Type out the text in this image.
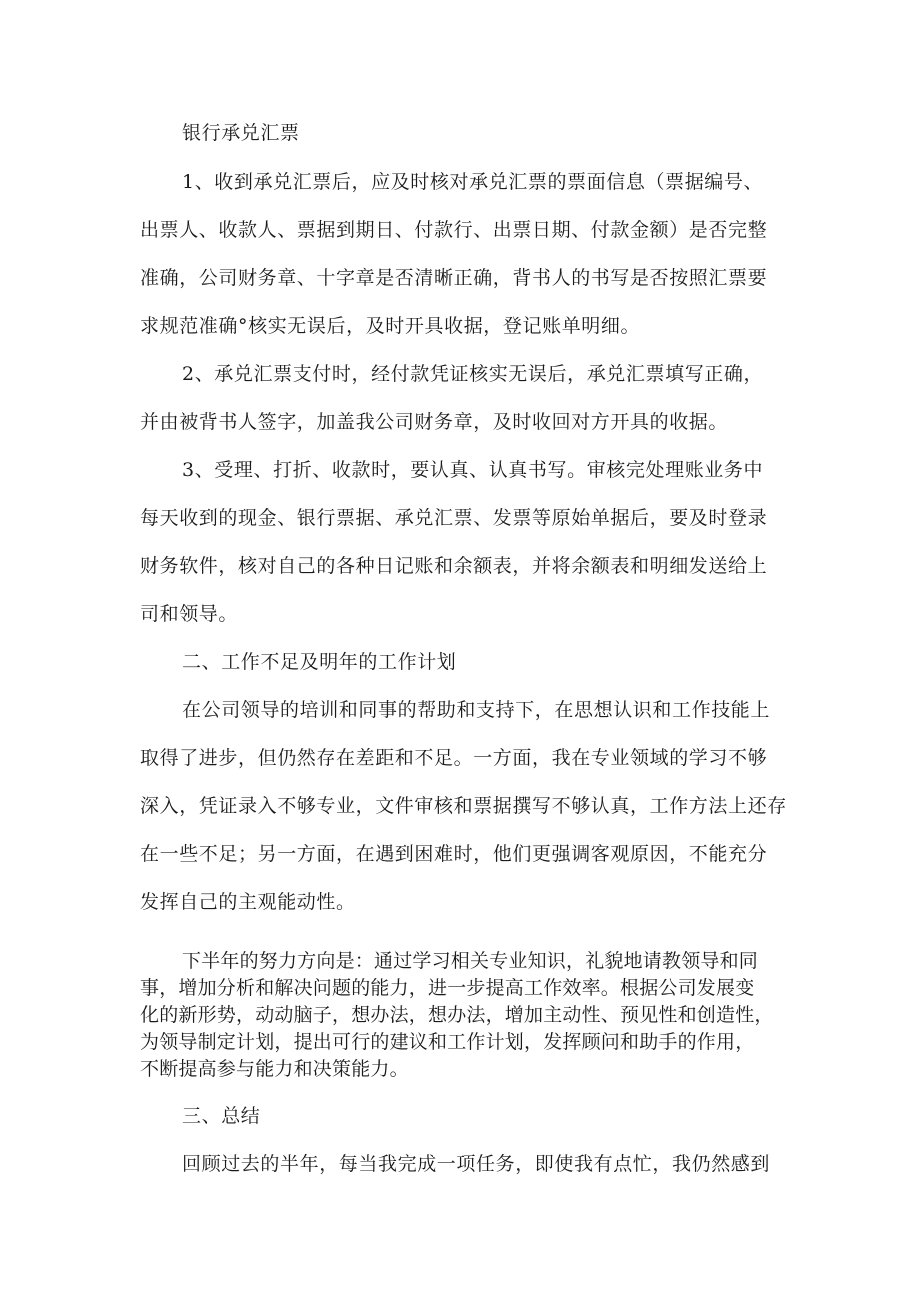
银行承兑汇票
1、收到承兑汇票后，应及时核对承兑汇票的票面信息（票据编号、
出票人、收款人、票据到期日、付款行、出票日期、付款金额）是否完整
准确，公司财务章、十字章是否清晰正确，背书人的书写是否按照汇票要
求规范准确°核实无误后，及时开具收据，登记账单明细。
2、承兑汇票支付时，经付款凭证核实无误后，承兑汇票填写正确，
并由被背书人签字，加盖我公司财务章，及时收回对方开具的收据。
3、受理、打折、收款时，要认真、认真书写。审核完处理账业务中
每天收到的现金、银行票据、承兑汇票、发票等原始单据后，要及时登录
财务软件，核对自己的各种日记账和余额表，并将余额表和明细发送给上
司和领导。
二、工作不足及明年的工作计划
在公司领导的培训和同事的帮助和支持下，在思想认识和工作技能上
取得了进步，但仍然存在差距和不足。一方面，我在专业领域的学习不够
深入，凭证录入不够专业，文件审核和票据撰写不够认真，工作方法上还存
在一些不足；另一方面，在遇到困难时，他们更强调客观原因，不能充分
发挥自己的主观能动性。
下半年的努力方向是：通过学习相关专业知识，礼貌地请教领导和同
事，增加分析和解决问题的能力，进一步提高工作效率。根据公司发展变
化的新形势，动动脑子，想办法，想办法，增加主动性、预见性和创造性，
为领导制定计划，提出可行的建议和工作计划，发挥顾问和助手的作用，
不断提高参与能力和决策能力。
三、总结
回顾过去的半年，每当我完成一项任务，即使我有点忙，我仍然感到
